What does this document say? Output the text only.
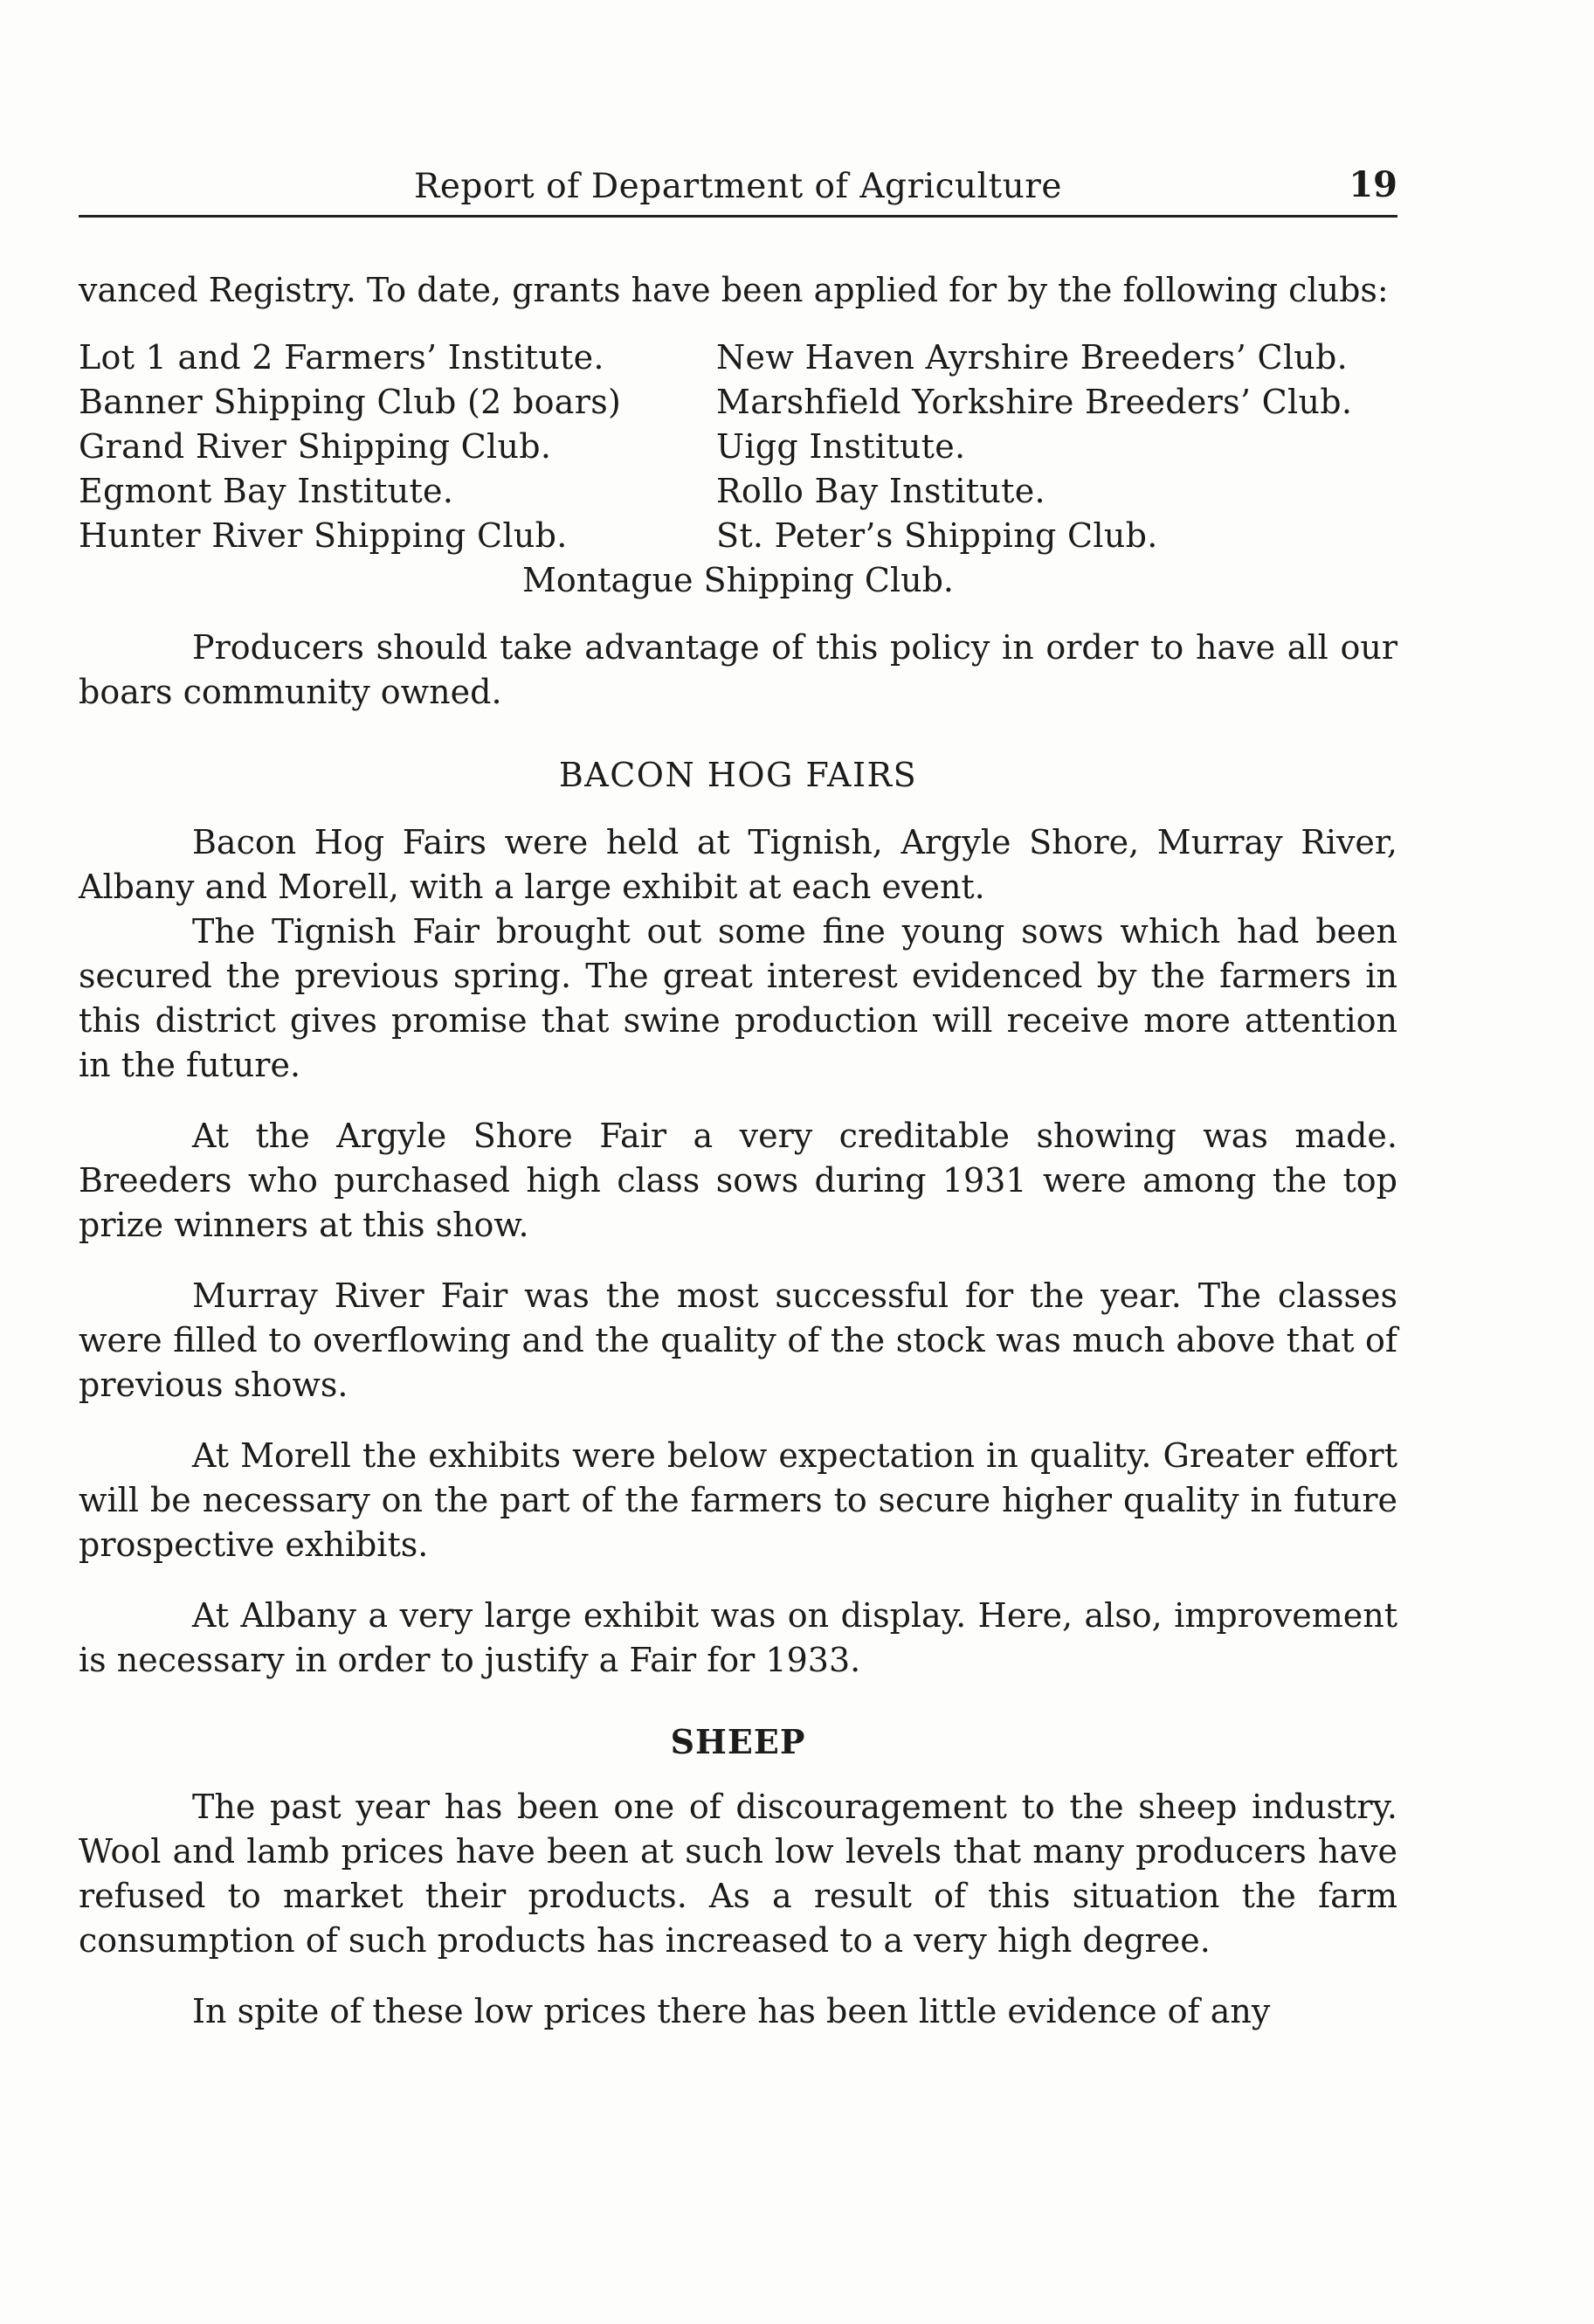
Report of Department of Agriculture	19

vanced Registry. To date, grants have been applied for by the following clubs:

Lot 1 and 2 Farmers’ Institute.	New Haven Ayrshire Breeders’ Club.
Banner Shipping Club (2 boars)	Marshfield Yorkshire Breeders’ Club.
Grand River Shipping Club.	Uigg Institute.
Egmont Bay Institute.	Rollo Bay Institute.
Hunter River Shipping Club.	St. Peter’s Shipping Club.
Montague Shipping Club.

Producers should take advantage of this policy in order to have all our boars community owned.

BACON HOG FAIRS

Bacon Hog Fairs were held at Tignish, Argyle Shore, Murray River, Albany and Morell, with a large exhibit at each event.

The Tignish Fair brought out some fine young sows which had been secured the previous spring. The great interest evidenced by the farmers in this district gives promise that swine production will receive more attention in the future.

At the Argyle Shore Fair a very creditable showing was made. Breeders who purchased high class sows during 1931 were among the top prize winners at this show.

Murray River Fair was the most successful for the year. The classes were filled to overflowing and the quality of the stock was much above that of previous shows.

At Morell the exhibits were below expectation in quality. Greater effort will be necessary on the part of the farmers to secure higher quality in future prospective exhibits.

At Albany a very large exhibit was on display. Here, also, improvement is necessary in order to justify a Fair for 1933.

SHEEP

The past year has been one of discouragement to the sheep industry. Wool and lamb prices have been at such low levels that many producers have refused to market their products. As a result of this situation the farm consumption of such products has increased to a very high degree.

In spite of these low prices there has been little evidence of any
